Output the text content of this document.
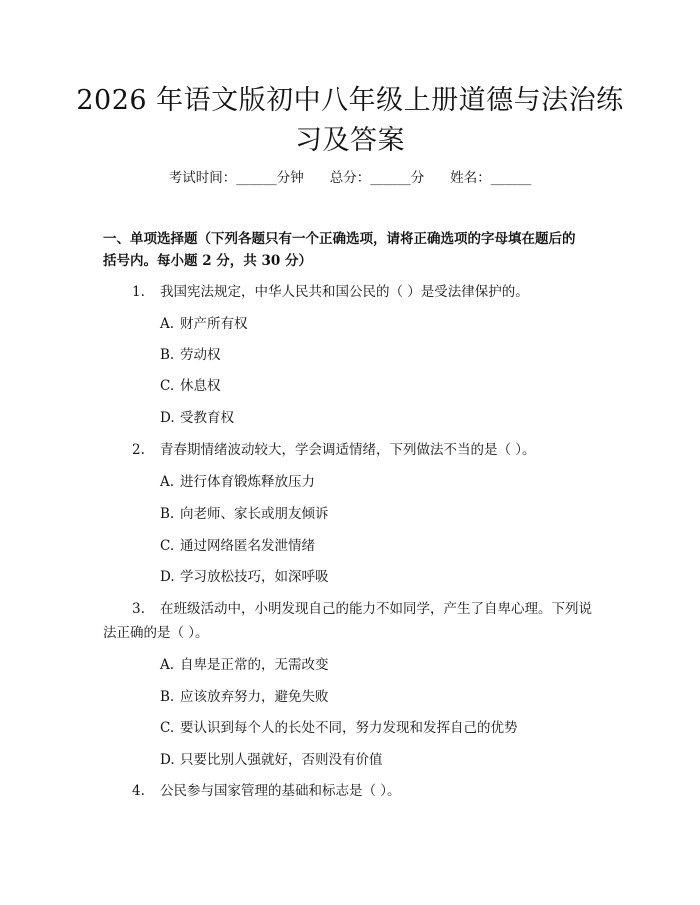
2026 年语文版初中八年级上册道德与法治练
习及答案
考试时间：______分钟 总分：______分 姓名：______
一、单项选择题（下列各题只有一个正确选项，请将正确选项的字母填在题后的
括号内。每小题 2 分，共 30 分）
1. 我国宪法规定，中华人民共和国公民的（ ）是受法律保护的。
A. 财产所有权
B. 劳动权
C. 休息权
D. 受教育权
2. 青春期情绪波动较大，学会调适情绪，下列做法不当的是（ ）。
A. 进行体育锻炼释放压力
B. 向老师、家长或朋友倾诉
C. 通过网络匿名发泄情绪
D. 学习放松技巧，如深呼吸
3. 在班级活动中，小明发现自己的能力不如同学，产生了自卑心理。下列说
法正确的是（ ）。
A. 自卑是正常的，无需改变
B. 应该放弃努力，避免失败
C. 要认识到每个人的长处不同，努力发现和发挥自己的优势
D. 只要比别人强就好，否则没有价值
4. 公民参与国家管理的基础和标志是（ ）。
